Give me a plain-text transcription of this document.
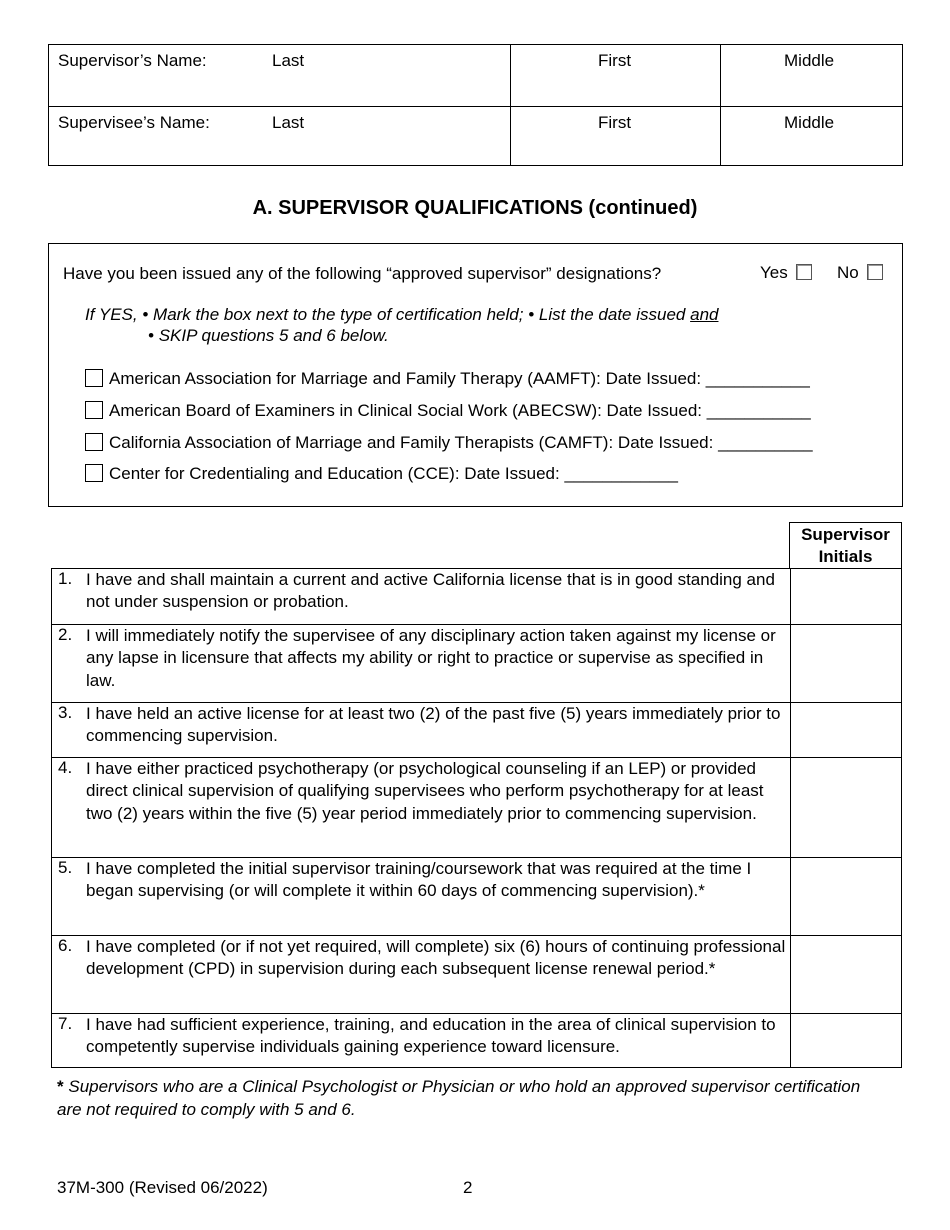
Supervisor’s Name:	Last	First	Middle
Supervisee’s Name:	Last	First	Middle
A. SUPERVISOR QUALIFICATIONS (continued)
Have you been issued any of the following “approved supervisor” designations?	Yes	No
If YES, • Mark the box next to the type of certification held; • List the date issued and
• SKIP questions 5 and 6 below.
American Association for Marriage and Family Therapy (AAMFT): Date Issued: ___________
American Board of Examiners in Clinical Social Work (ABECSW): Date Issued: ___________
California Association of Marriage and Family Therapists (CAMFT): Date Issued: __________
Center for Credentialing and Education (CCE): Date Issued: ____________
Supervisor
Initials
1. I have and shall maintain a current and active California license that is in good standing and not under suspension or probation.
2. I will immediately notify the supervisee of any disciplinary action taken against my license or any lapse in licensure that affects my ability or right to practice or supervise as specified in law.
3. I have held an active license for at least two (2) of the past five (5) years immediately prior to commencing supervision.
4. I have either practiced psychotherapy (or psychological counseling if an LEP) or provided direct clinical supervision of qualifying supervisees who perform psychotherapy for at least two (2) years within the five (5) year period immediately prior to commencing supervision.
5. I have completed the initial supervisor training/coursework that was required at the time I began supervising (or will complete it within 60 days of commencing supervision).*
6. I have completed (or if not yet required, will complete) six (6) hours of continuing professional development (CPD) in supervision during each subsequent license renewal period.*
7. I have had sufficient experience, training, and education in the area of clinical supervision to competently supervise individuals gaining experience toward licensure.
* Supervisors who are a Clinical Psychologist or Physician or who hold an approved supervisor certification are not required to comply with 5 and 6.
37M-300 (Revised 06/2022)	2
